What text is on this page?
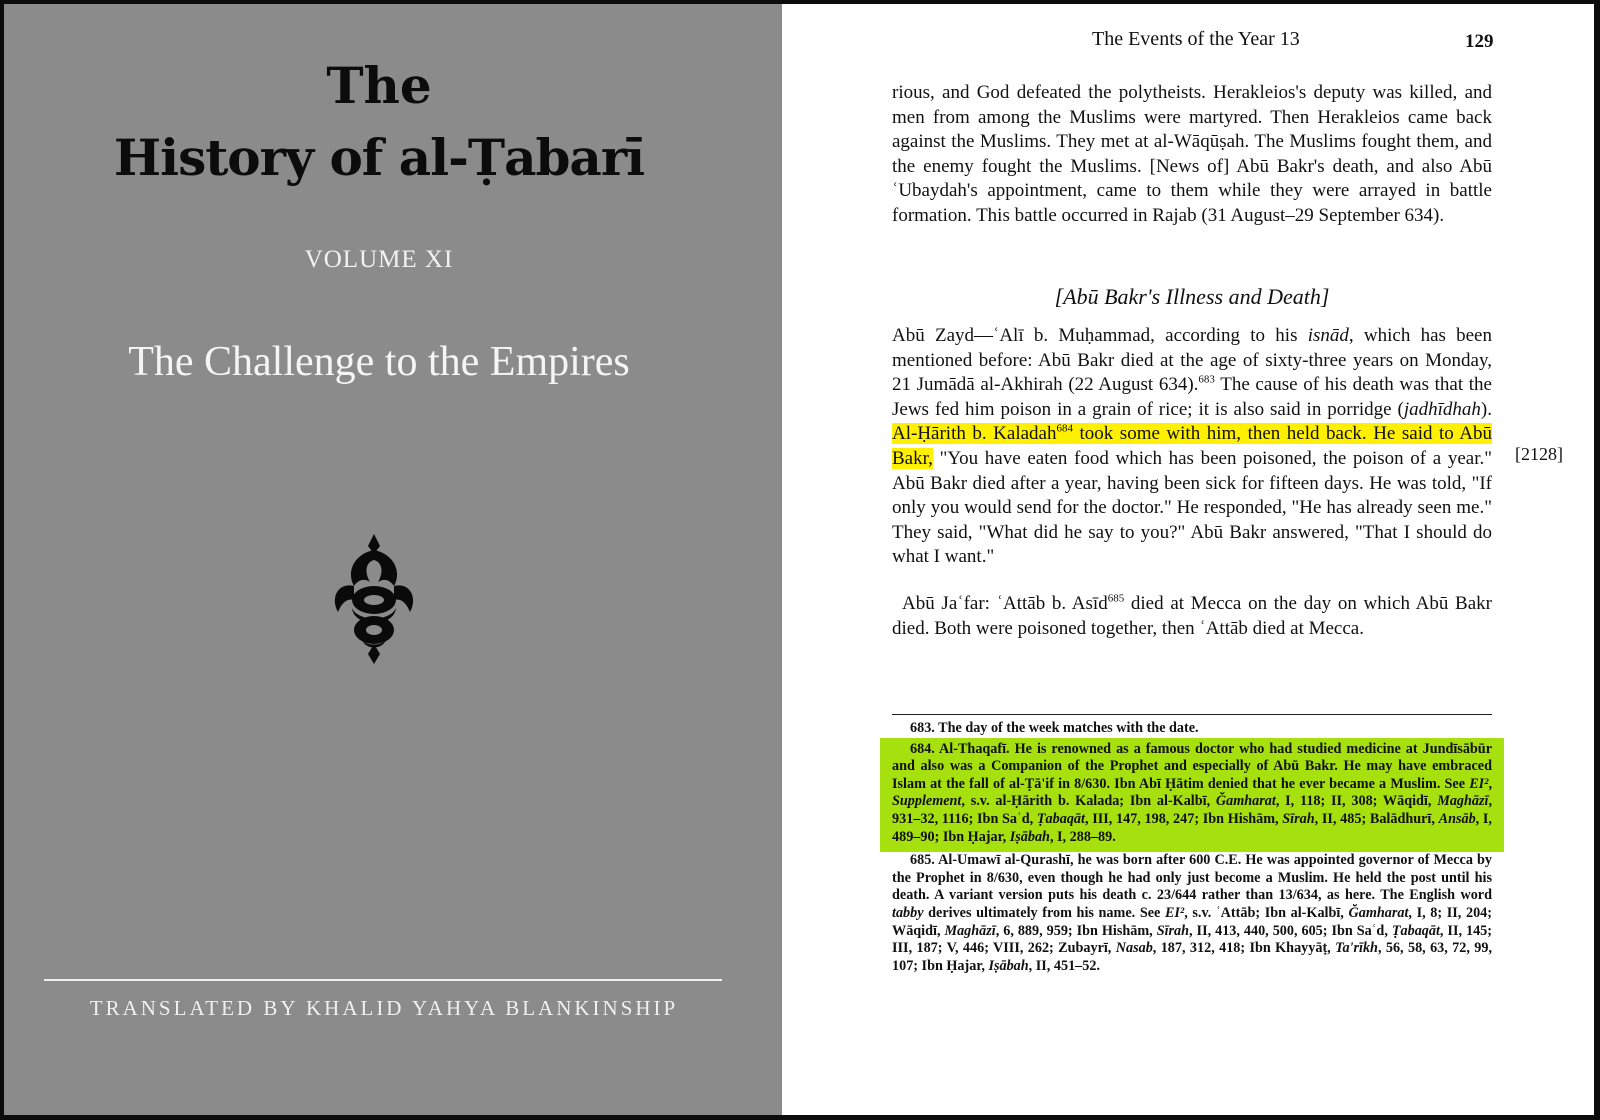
The
History of al-Ṭabarī
VOLUME XI
The Challenge to the Empires
TRANSLATED BY KHALID YAHYA BLANKINSHIP
The Events of the Year 13	129

rious, and God defeated the polytheists. Herakleios's deputy was killed, and men from among the Muslims were martyred. Then Herakleios came back against the Muslims. They met at al-Wāqūṣah. The Muslims fought them, and the enemy fought the Muslims. [News of] Abū Bakr's death, and also Abū ʿUbaydah's appointment, came to them while they were arrayed in battle formation. This battle occurred in Rajab (31 August–29 September 634).

[Abū Bakr's Illness and Death]

Abū Zayd—ʿAlī b. Muḥammad, according to his isnād, which has been mentioned before: Abū Bakr died at the age of sixty-three years on Monday, 21 Jumādā al-Akhirah (22 August 634).$^{683}$ The cause of his death was that the Jews fed him poison in a grain of rice; it is also said in porridge (jadhīdhah). Al-Ḥārith b. Kaladah$^{684}$ took some with him, then held back. He said to Abū Bakr, "You have eaten food which has been poisoned, the poison of a year." Abū Bakr died after a year, having been sick for fifteen days. He was told, "If only you would send for the doctor." He responded, "He has already seen me." They said, "What did he say to you?" Abū Bakr answered, "That I should do what I want."

[2128]

Abū Jaʿfar: ʿAttāb b. Asīd$^{685}$ died at Mecca on the day on which Abū Bakr died. Both were poisoned together, then ʿAttāb died at Mecca.

683. The day of the week matches with the date.

684. Al-Thaqafī. He is renowned as a famous doctor who had studied medicine at Jundīsābūr and also was a Companion of the Prophet and especially of Abū Bakr. He may have embraced Islam at the fall of al-Ṭā'if in 8/630. Ibn Abī Ḥātim denied that he ever became a Muslim. See EI², Supplement, s.v. al-Ḥārith b. Kalada; Ibn al-Kalbī, Ğamharat, I, 118; II, 308; Wāqidī, Maghāzī, 931–32, 1116; Ibn Saʿd, Ṭabaqāt, III, 147, 198, 247; Ibn Hishām, Sīrah, II, 485; Balādhurī, Ansāb, I, 489–90; Ibn Ḥajar, Iṣābah, I, 288–89.

685. Al-Umawī al-Qurashī, he was born after 600 C.E. He was appointed governor of Mecca by the Prophet in 8/630, even though he had only just become a Muslim. He held the post until his death. A variant version puts his death c. 23/644 rather than 13/634, as here. The English word tabby derives ultimately from his name. See EI², s.v. ʿAttāb; Ibn al-Kalbī, Ğamharat, I, 8; II, 204; Wāqidī, Maghāzī, 6, 889, 959; Ibn Hishām, Sīrah, II, 413, 440, 500, 605; Ibn Saʿd, Ṭabaqāt, II, 145; III, 187; V, 446; VIII, 262; Zubayrī, Nasab, 187, 312, 418; Ibn Khayyāṭ, Ta'rīkh, 56, 58, 63, 72, 99, 107; Ibn Ḥajar, Iṣābah, II, 451–52.
